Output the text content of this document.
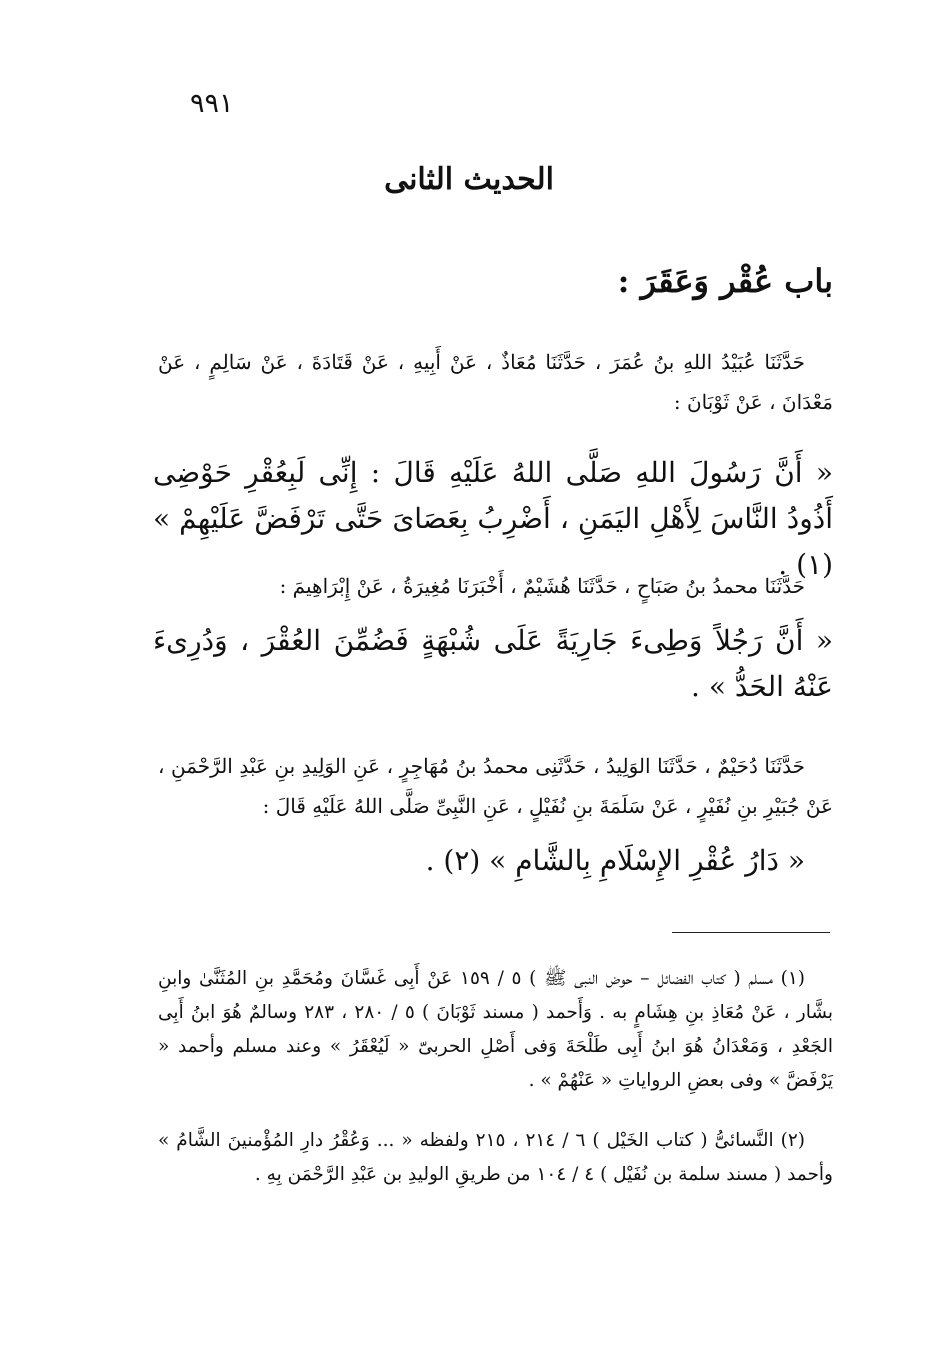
٩٩١
الحديث الثانى
باب عُقْر وَعَقَرَ :
حَدَّثَنَا عُبَيْدُ اللهِ بنُ عُمَرَ ، حَدَّثَنَا مُعَاذٌ ، عَنْ أَبِيهِ ، عَنْ قَتَادَةَ ، عَنْ سَالِمٍ ، عَنْ مَعْدَانَ ، عَنْ ثَوْبَانَ :
« أَنَّ رَسُولَ اللهِ صَلَّى اللهُ عَلَيْهِ قَالَ : إِنِّى لَبِعُقْرِ حَوْضِى أَذُودُ النَّاسَ لِأَهْلِ اليَمَنِ ، أَضْرِبُ بِعَصَاىَ حَتَّى تَرْفَضَّ عَلَيْهِمْ » (١) .
حَدَّثَنَا محمدُ بنُ صَبَاحٍ ، حَدَّثَنَا هُشَيْمٌ ، أَخْبَرَنَا مُغِيرَةُ ، عَنْ إِبْرَاهِيمَ :
« أَنَّ رَجُلاً وَطِىءَ جَارِيَةً عَلَى شُبْهَةٍ فَضُمِّنَ العُقْرَ ، وَدُرِىءَ عَنْهُ الحَدُّ » .
حَدَّثَنَا دُحَيْمٌ ، حَدَّثَنَا الوَلِيدُ ، حَدَّثَنِى محمدُ بنُ مُهَاجِرٍ ، عَنِ الوَلِيدِ بنِ عَبْدِ الرَّحْمَنِ ، عَنْ جُبَيْرِ بنِ نُفَيْرٍ ، عَنْ سَلَمَةَ بنِ نُفَيْلٍ ، عَنِ النَّبِىِّ صَلَّى اللهُ عَلَيْهِ قَالَ :
« دَارُ عُقْرِ الإِسْلَامِ بِالشَّامِ » (٢) .
(١) مسلم ( كتاب الفضائل – حوض النبى ﷺ ) ٥ / ١٥٩ عَنْ أَبِى غَسَّانَ ومُحَمَّدِ بنِ المُثَنَّىٰ وابنِ بشَّار ، عَنْ مُعَاذِ بنِ هِشَامٍ به . وَأَحمد ( مسند ثَوْبَانَ ) ٥ / ٢٨٠ ، ٢٨٣ وسالمٌ هُوَ ابنُ أَبِى الجَعْدِ ، وَمَعْدَانُ هُوَ ابنُ أَبِى طَلْحَةَ وَفى أَصْلِ الحربىّ « لَيُعْقَرُ » وعند مسلم وأحمد « يَرْفَضَّ » وفى بعضِ الرواياتِ « عَنْهُمْ » .
(٢) النَّسائىُّ ( كتاب الخَيْل ) ٦ / ٢١٤ ، ٢١٥ ولفظه « ... وَعُقْرُ دارِ المُؤْمنينَ الشَّامُ » وأحمد ( مسند سلمة بن نُفَيْل ) ٤ / ١٠٤ من طريقِ الوليدِ بن عَبْدِ الرَّحْمَن بِهِ .
